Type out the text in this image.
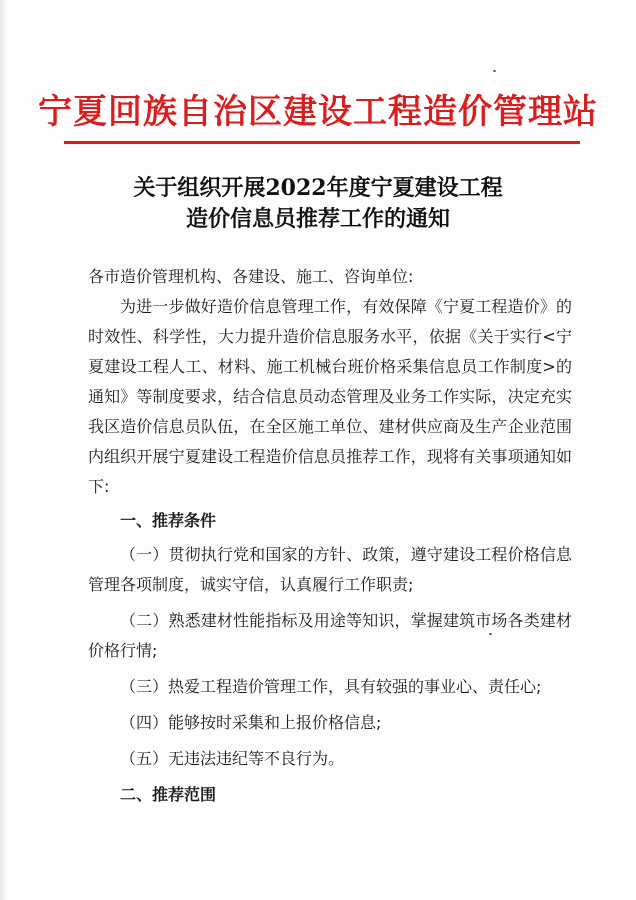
宁夏回族自治区建设工程造价管理站
关于组织开展2022年度宁夏建设工程
造价信息员推荐工作的通知

各市造价管理机构、各建设、施工、咨询单位:

为进一步做好造价信息管理工作，有效保障《宁夏工程造价》的时效性、科学性，大力提升造价信息服务水平，依据《关于实行<宁夏建设工程人工、材料、施工机械台班价格采集信息员工作制度>的通知》等制度要求，结合信息员动态管理及业务工作实际，决定充实我区造价信息员队伍，在全区施工单位、建材供应商及生产企业范围内组织开展宁夏建设工程造价信息员推荐工作，现将有关事项通知如下:

一、推荐条件

（一）贯彻执行党和国家的方针、政策，遵守建设工程价格信息管理各项制度，诚实守信，认真履行工作职责;

（二）熟悉建材性能指标及用途等知识，掌握建筑市场各类建材价格行情;

（三）热爱工程造价管理工作，具有较强的事业心、责任心;

（四）能够按时采集和上报价格信息;

（五）无违法违纪等不良行为。

二、推荐范围
